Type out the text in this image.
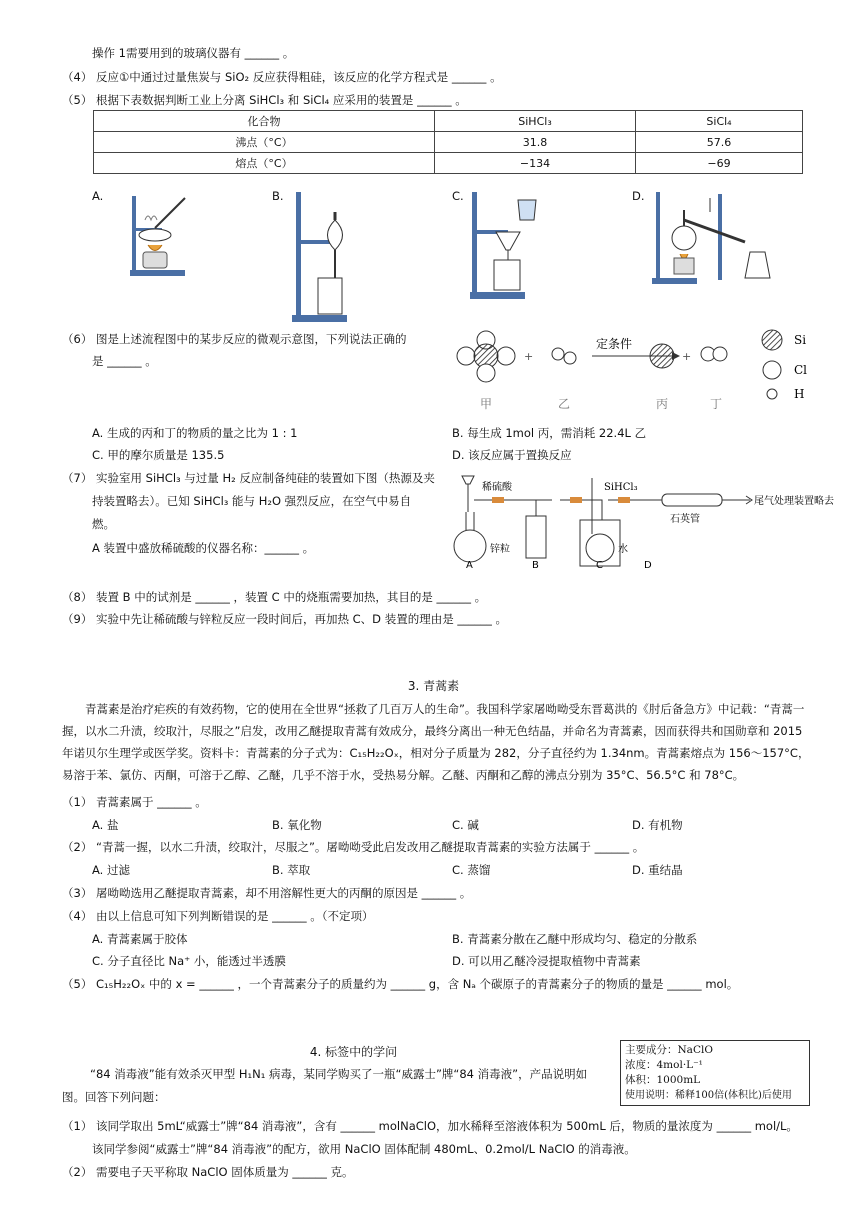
操作 1需要用到的玻璃仪器有 ______ 。
（4） 反应①中通过过量焦炭与 SiO₂ 反应获得粗硅，该反应的化学方程式是 ______ 。
（5） 根据下表数据判断工业上分离 SiHCl₃ 和 SiCl₄ 应采用的装置是 ______ 。
化合物	SiHCl₃	SiCl₄
沸点（°C）	31.8	57.6
熔点（°C）	−134	−69
A.	B.	C.	D.
（6） 图是上述流程图中的某步反应的微观示意图，下列说法正确的
是 ______ 。	+
定条件
+
Si
Cl
H
甲	乙	丙	丁
A. 生成的丙和丁的物质的量之比为 1 : 1	B. 每生成 1mol 丙，需消耗 22.4L 乙
C. 甲的摩尔质量是 135.5	D. 该反应属于置换反应
（7） 实验室用 SiHCl₃ 与过量 H₂ 反应制备纯硅的装置如下图（热源及夹
持装置略去）。已知 SiHCl₃ 能与 H₂O 强烈反应，在空气中易自
燃。
A 装置中盛放稀硫酸的仪器名称：______ 。
稀硫酸
锌粒
SiHCl₃
水
石英管
尾气处理装置略去
A	B	C	D
（8） 装置 B 中的试剂是 ______ ，装置 C 中的烧瓶需要加热，其目的是 ______ 。
（9） 实验中先让稀硫酸与锌粒反应一段时间后，再加热 C、D 装置的理由是 ______ 。
3. 青蒿素
青蒿素是治疗疟疾的有效药物，它的使用在全世界“拯救了几百万人的生命”。我国科学家屠呦呦受东晋葛洪的《肘后备急方》中记载：“青蒿一握，以水二升渍，绞取汁，尽服之”启发，改用乙醚提取青蒿有效成分，最终分离出一种无色结晶，并命名为青蒿素，因而获得共和国勋章和 2015 年诺贝尔生理学或医学奖。资料卡：青蒿素的分子式为：C₁₅H₂₂Oₓ，相对分子质量为 282，分子直径约为 1.34nm。青蒿素熔点为 156～157°C，易溶于苯、氯仿、丙酮，可溶于乙醇、乙醚，几乎不溶于水，受热易分解。乙醚、丙酮和乙醇的沸点分别为 35°C、56.5°C 和 78°C。
（1） 青蒿素属于 ______ 。
A. 盐	B. 氧化物	C. 碱	D. 有机物
（2） “青蒿一握，以水二升渍，绞取汁，尽服之”。屠呦呦受此启发改用乙醚提取青蒿素的实验方法属于 ______ 。
A. 过滤	B. 萃取	C. 蒸馏	D. 重结晶
（3） 屠呦呦选用乙醚提取青蒿素，却不用溶解性更大的丙酮的原因是 ______ 。
（4） 由以上信息可知下列判断错误的是 ______ 。（不定项）
A. 青蒿素属于胶体	B. 青蒿素分散在乙醚中形成均匀、稳定的分散系
C. 分子直径比 Na⁺ 小，能透过半透膜	D. 可以用乙醚冷浸提取植物中青蒿素
（5） C₁₅H₂₂Oₓ 中的 x = ______ ，一个青蒿素分子的质量约为 ______ g，含 Nₐ 个碳原子的青蒿素分子的物质的量是 ______ mol。
4. 标签中的学问
“84 消毒液”能有效杀灭甲型 H₁N₁ 病毒，某同学购买了一瓶“威露士”牌“84 消毒液”，产品说明如
图。回答下列问题：
主要成分：NaClO
浓度：4mol·L⁻¹
体积：1000mL
使用说明：稀释100倍(体积比)后使用
（1） 该同学取出 5mL“威露士”牌“84 消毒液”，含有 ______ molNaClO，加水稀释至溶液体积为 500mL 后，物质的量浓度为 ______ mol/L。
该同学参阅“威露士”牌“84 消毒液”的配方，欲用 NaClO 固体配制 480mL、0.2mol/L NaClO 的消毒液。
（2） 需要电子天平称取 NaClO 固体质量为 ______ 克。
